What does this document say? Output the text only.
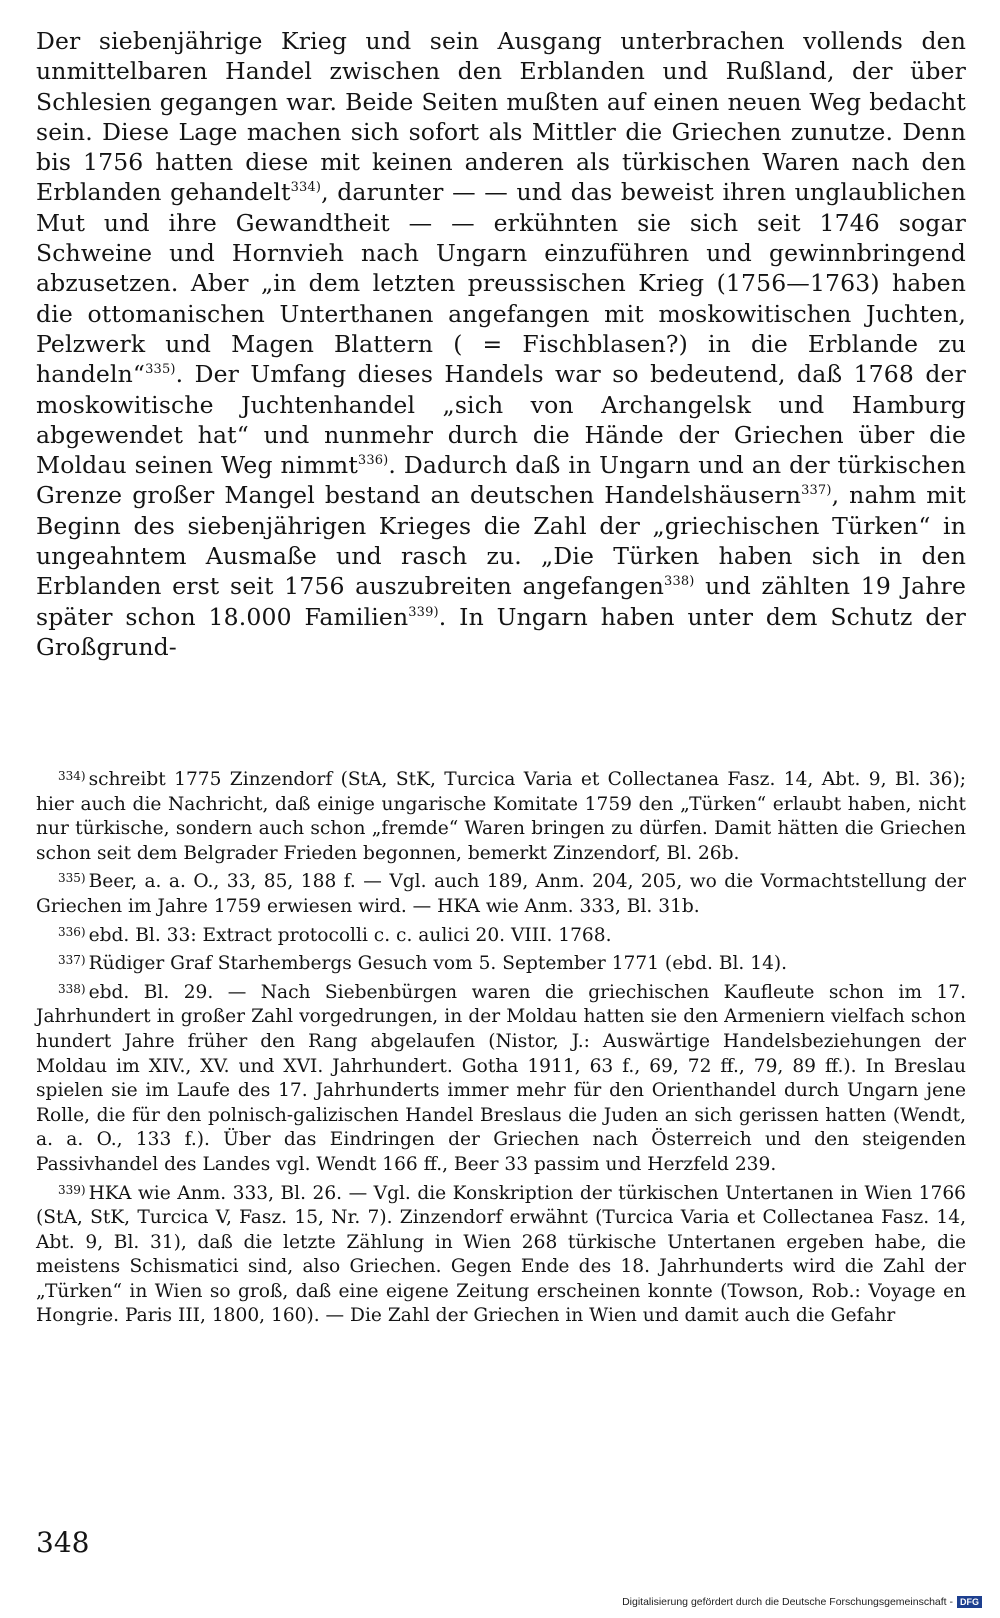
Der siebenjährige Krieg und sein Ausgang unterbrachen vollends den unmittelbaren Handel zwischen den Erblanden und Rußland, der über Schlesien gegangen war. Beide Seiten mußten auf einen neuen Weg bedacht sein. Diese Lage machen sich sofort als Mittler die Griechen zunutze. Denn bis 1756 hatten diese mit keinen anderen als türkischen Waren nach den Erblanden gehandelt$^{334)}$, darunter — — und das beweist ihren unglaublichen Mut und ihre Gewandtheit — — erkühnten sie sich seit 1746 sogar Schweine und Hornvieh nach Ungarn einzuführen und gewinnbringend abzusetzen. Aber „in dem letzten preussischen Krieg (1756—1763) haben die ottomanischen Unterthanen angefangen mit moskowitischen Juchten, Pelzwerk und Magen Blattern ( = Fischblasen?) in die Erblande zu handeln“$^{335)}$. Der Umfang dieses Handels war so bedeutend, daß 1768 der moskowitische Juchtenhandel „sich von Archangelsk und Hamburg abgewendet hat“ und nunmehr durch die Hände der Griechen über die Moldau seinen Weg nimmt$^{336)}$. Dadurch daß in Ungarn und an der türkischen Grenze großer Mangel bestand an deutschen Handelshäusern$^{337)}$, nahm mit Beginn des siebenjährigen Krieges die Zahl der „griechischen Türken“ in ungeahntem Ausmaße und rasch zu. „Die Türken haben sich in den Erblanden erst seit 1756 auszubreiten angefangen$^{338)}$ und zählten 19 Jahre später schon 18.000 Familien$^{339)}$. In Ungarn haben unter dem Schutz der Großgrund-

$^{334)}$ schreibt 1775 Zinzendorf (StA, StK, Turcica Varia et Collectanea Fasz. 14, Abt. 9, Bl. 36); hier auch die Nachricht, daß einige ungarische Komitate 1759 den „Türken“ erlaubt haben, nicht nur türkische, sondern auch schon „fremde“ Waren bringen zu dürfen. Damit hätten die Griechen schon seit dem Belgrader Frieden begonnen, bemerkt Zinzendorf, Bl. 26b.

$^{335)}$ Beer, a. a. O., 33, 85, 188 f. — Vgl. auch 189, Anm. 204, 205, wo die Vormachtstellung der Griechen im Jahre 1759 erwiesen wird. — HKA wie Anm. 333, Bl. 31b.

$^{336)}$ ebd. Bl. 33: Extract protocolli c. c. aulici 20. VIII. 1768.

$^{337)}$ Rüdiger Graf Starhembergs Gesuch vom 5. September 1771 (ebd. Bl. 14).

$^{338)}$ ebd. Bl. 29. — Nach Siebenbürgen waren die griechischen Kaufleute schon im 17. Jahrhundert in großer Zahl vorgedrungen, in der Moldau hatten sie den Armeniern vielfach schon hundert Jahre früher den Rang abgelaufen (Nistor, J.: Auswärtige Handelsbeziehungen der Moldau im XIV., XV. und XVI. Jahrhundert. Gotha 1911, 63 f., 69, 72 ff., 79, 89 ff.). In Breslau spielen sie im Laufe des 17. Jahrhunderts immer mehr für den Orienthandel durch Ungarn jene Rolle, die für den polnisch-galizischen Handel Breslaus die Juden an sich gerissen hatten (Wendt, a. a. O., 133 f.). Über das Eindringen der Griechen nach Österreich und den steigenden Passivhandel des Landes vgl. Wendt 166 ff., Beer 33 passim und Herzfeld 239.

$^{339)}$ HKA wie Anm. 333, Bl. 26. — Vgl. die Konskription der türkischen Untertanen in Wien 1766 (StA, StK, Turcica V, Fasz. 15, Nr. 7). Zinzendorf erwähnt (Turcica Varia et Collectanea Fasz. 14, Abt. 9, Bl. 31), daß die letzte Zählung in Wien 268 türkische Untertanen ergeben habe, die meistens Schismatici sind, also Griechen. Gegen Ende des 18. Jahrhunderts wird die Zahl der „Türken“ in Wien so groß, daß eine eigene Zeitung erscheinen konnte (Towson, Rob.: Voyage en Hongrie. Paris III, 1800, 160). — Die Zahl der Griechen in Wien und damit auch die Gefahr

348

Digitalisierung gefördert durch die Deutsche Forschungsgemeinschaft - DFG
